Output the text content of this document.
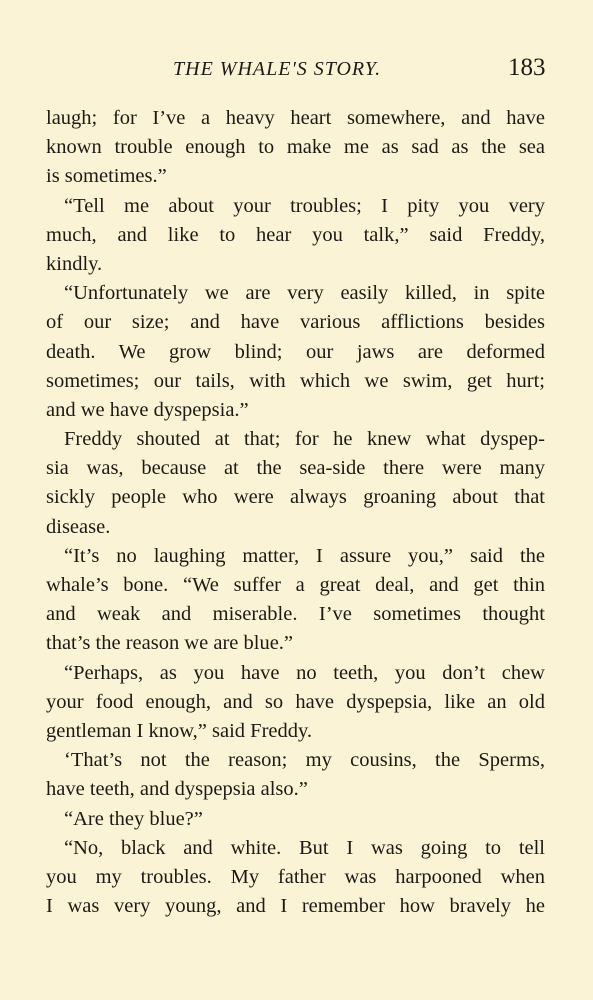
THE WHALE'S STORY.	183
laugh; for I’ve a heavy heart somewhere, and have
known trouble enough to make me as sad as the sea
is sometimes.”
“Tell me about your troubles; I pity you very
much, and like to hear you talk,” said Freddy,
kindly.
“Unfortunately we are very easily killed, in spite
of our size; and have various afflictions besides
death. We grow blind; our jaws are deformed
sometimes; our tails, with which we swim, get hurt;
and we have dyspepsia.”
Freddy shouted at that; for he knew what dyspep-
sia was, because at the sea-side there were many
sickly people who were always groaning about that
disease.
“It’s no laughing matter, I assure you,” said the
whale’s bone. “We suffer a great deal, and get thin
and weak and miserable. I’ve sometimes thought
that’s the reason we are blue.”
“Perhaps, as you have no teeth, you don’t chew
your food enough, and so have dyspepsia, like an old
gentleman I know,” said Freddy.
‘That’s not the reason; my cousins, the Sperms,
have teeth, and dyspepsia also.”
“Are they blue?”
“No, black and white. But I was going to tell
you my troubles. My father was harpooned when
I was very young, and I remember how bravely he
